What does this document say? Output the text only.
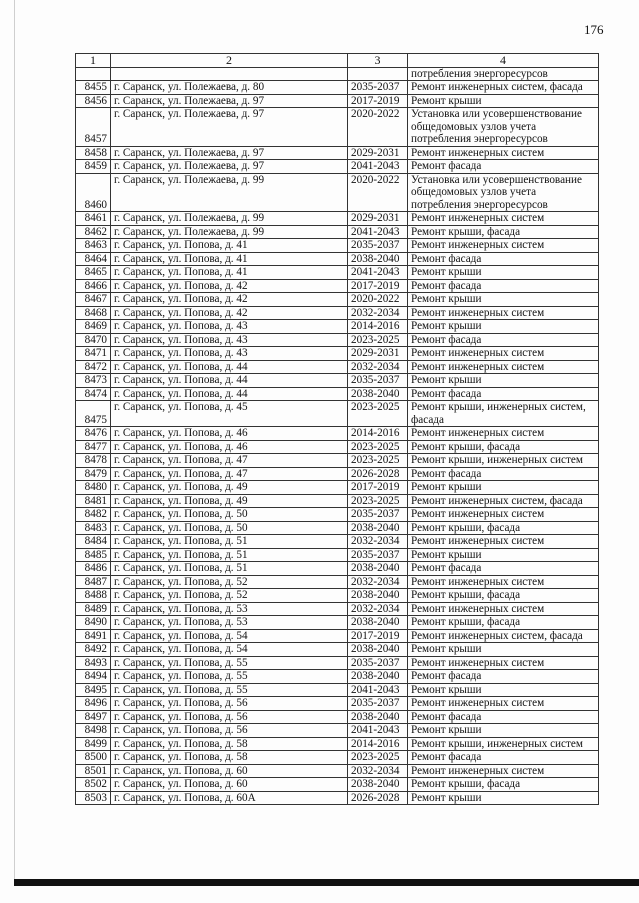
176
1	2	3	4
			потребления энергоресурсов
8455	г. Саранск, ул. Полежаева, д. 80	2035-2037	Ремонт инженерных систем, фасада
8456	г. Саранск, ул. Полежаева, д. 97	2017-2019	Ремонт крыши
8457	г. Саранск, ул. Полежаева, д. 97	2020-2022	Установка или усовершенствование общедомовых узлов учета потребления энергоресурсов
8458	г. Саранск, ул. Полежаева, д. 97	2029-2031	Ремонт инженерных систем
8459	г. Саранск, ул. Полежаева, д. 97	2041-2043	Ремонт фасада
8460	г. Саранск, ул. Полежаева, д. 99	2020-2022	Установка или усовершенствование общедомовых узлов учета потребления энергоресурсов
8461	г. Саранск, ул. Полежаева, д. 99	2029-2031	Ремонт инженерных систем
8462	г. Саранск, ул. Полежаева, д. 99	2041-2043	Ремонт крыши, фасада
8463	г. Саранск, ул. Попова, д. 41	2035-2037	Ремонт инженерных систем
8464	г. Саранск, ул. Попова, д. 41	2038-2040	Ремонт фасада
8465	г. Саранск, ул. Попова, д. 41	2041-2043	Ремонт крыши
8466	г. Саранск, ул. Попова, д. 42	2017-2019	Ремонт фасада
8467	г. Саранск, ул. Попова, д. 42	2020-2022	Ремонт крыши
8468	г. Саранск, ул. Попова, д. 42	2032-2034	Ремонт инженерных систем
8469	г. Саранск, ул. Попова, д. 43	2014-2016	Ремонт крыши
8470	г. Саранск, ул. Попова, д. 43	2023-2025	Ремонт фасада
8471	г. Саранск, ул. Попова, д. 43	2029-2031	Ремонт инженерных систем
8472	г. Саранск, ул. Попова, д. 44	2032-2034	Ремонт инженерных систем
8473	г. Саранск, ул. Попова, д. 44	2035-2037	Ремонт крыши
8474	г. Саранск, ул. Попова, д. 44	2038-2040	Ремонт фасада
8475	г. Саранск, ул. Попова, д. 45	2023-2025	Ремонт крыши, инженерных систем, фасада
8476	г. Саранск, ул. Попова, д. 46	2014-2016	Ремонт инженерных систем
8477	г. Саранск, ул. Попова, д. 46	2023-2025	Ремонт крыши, фасада
8478	г. Саранск, ул. Попова, д. 47	2023-2025	Ремонт крыши, инженерных систем
8479	г. Саранск, ул. Попова, д. 47	2026-2028	Ремонт фасада
8480	г. Саранск, ул. Попова, д. 49	2017-2019	Ремонт крыши
8481	г. Саранск, ул. Попова, д. 49	2023-2025	Ремонт инженерных систем, фасада
8482	г. Саранск, ул. Попова, д. 50	2035-2037	Ремонт инженерных систем
8483	г. Саранск, ул. Попова, д. 50	2038-2040	Ремонт крыши, фасада
8484	г. Саранск, ул. Попова, д. 51	2032-2034	Ремонт инженерных систем
8485	г. Саранск, ул. Попова, д. 51	2035-2037	Ремонт крыши
8486	г. Саранск, ул. Попова, д. 51	2038-2040	Ремонт фасада
8487	г. Саранск, ул. Попова, д. 52	2032-2034	Ремонт инженерных систем
8488	г. Саранск, ул. Попова, д. 52	2038-2040	Ремонт крыши, фасада
8489	г. Саранск, ул. Попова, д. 53	2032-2034	Ремонт инженерных систем
8490	г. Саранск, ул. Попова, д. 53	2038-2040	Ремонт крыши, фасада
8491	г. Саранск, ул. Попова, д. 54	2017-2019	Ремонт инженерных систем, фасада
8492	г. Саранск, ул. Попова, д. 54	2038-2040	Ремонт крыши
8493	г. Саранск, ул. Попова, д. 55	2035-2037	Ремонт инженерных систем
8494	г. Саранск, ул. Попова, д. 55	2038-2040	Ремонт фасада
8495	г. Саранск, ул. Попова, д. 55	2041-2043	Ремонт крыши
8496	г. Саранск, ул. Попова, д. 56	2035-2037	Ремонт инженерных систем
8497	г. Саранск, ул. Попова, д. 56	2038-2040	Ремонт фасада
8498	г. Саранск, ул. Попова, д. 56	2041-2043	Ремонт крыши
8499	г. Саранск, ул. Попова, д. 58	2014-2016	Ремонт крыши, инженерных систем
8500	г. Саранск, ул. Попова, д. 58	2023-2025	Ремонт фасада
8501	г. Саранск, ул. Попова, д. 60	2032-2034	Ремонт инженерных систем
8502	г. Саранск, ул. Попова, д. 60	2038-2040	Ремонт крыши, фасада
8503	г. Саранск, ул. Попова, д. 60А	2026-2028	Ремонт крыши
